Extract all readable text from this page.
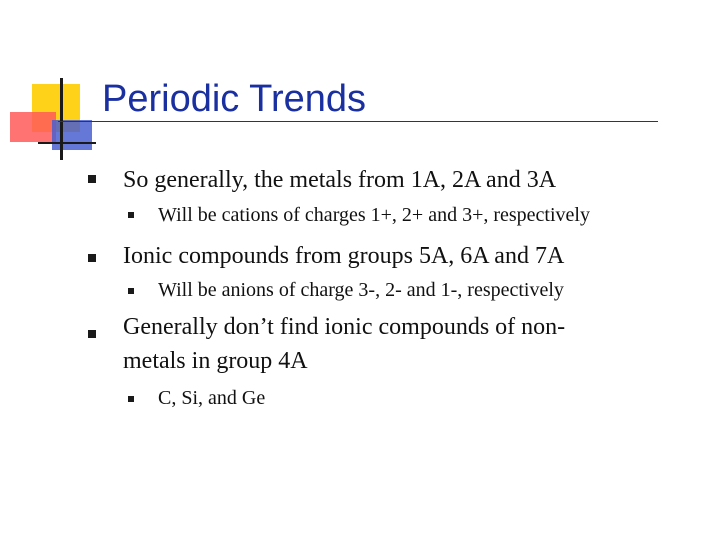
Periodic Trends
So generally, the metals from 1A, 2A and 3A
Will be cations of charges 1+, 2+ and 3+, respectively
Ionic compounds from groups 5A, 6A and 7A
Will be anions of charge 3-, 2- and 1-, respectively
Generally don’t find ionic compounds of non-
metals in group 4A
C, Si, and Ge
